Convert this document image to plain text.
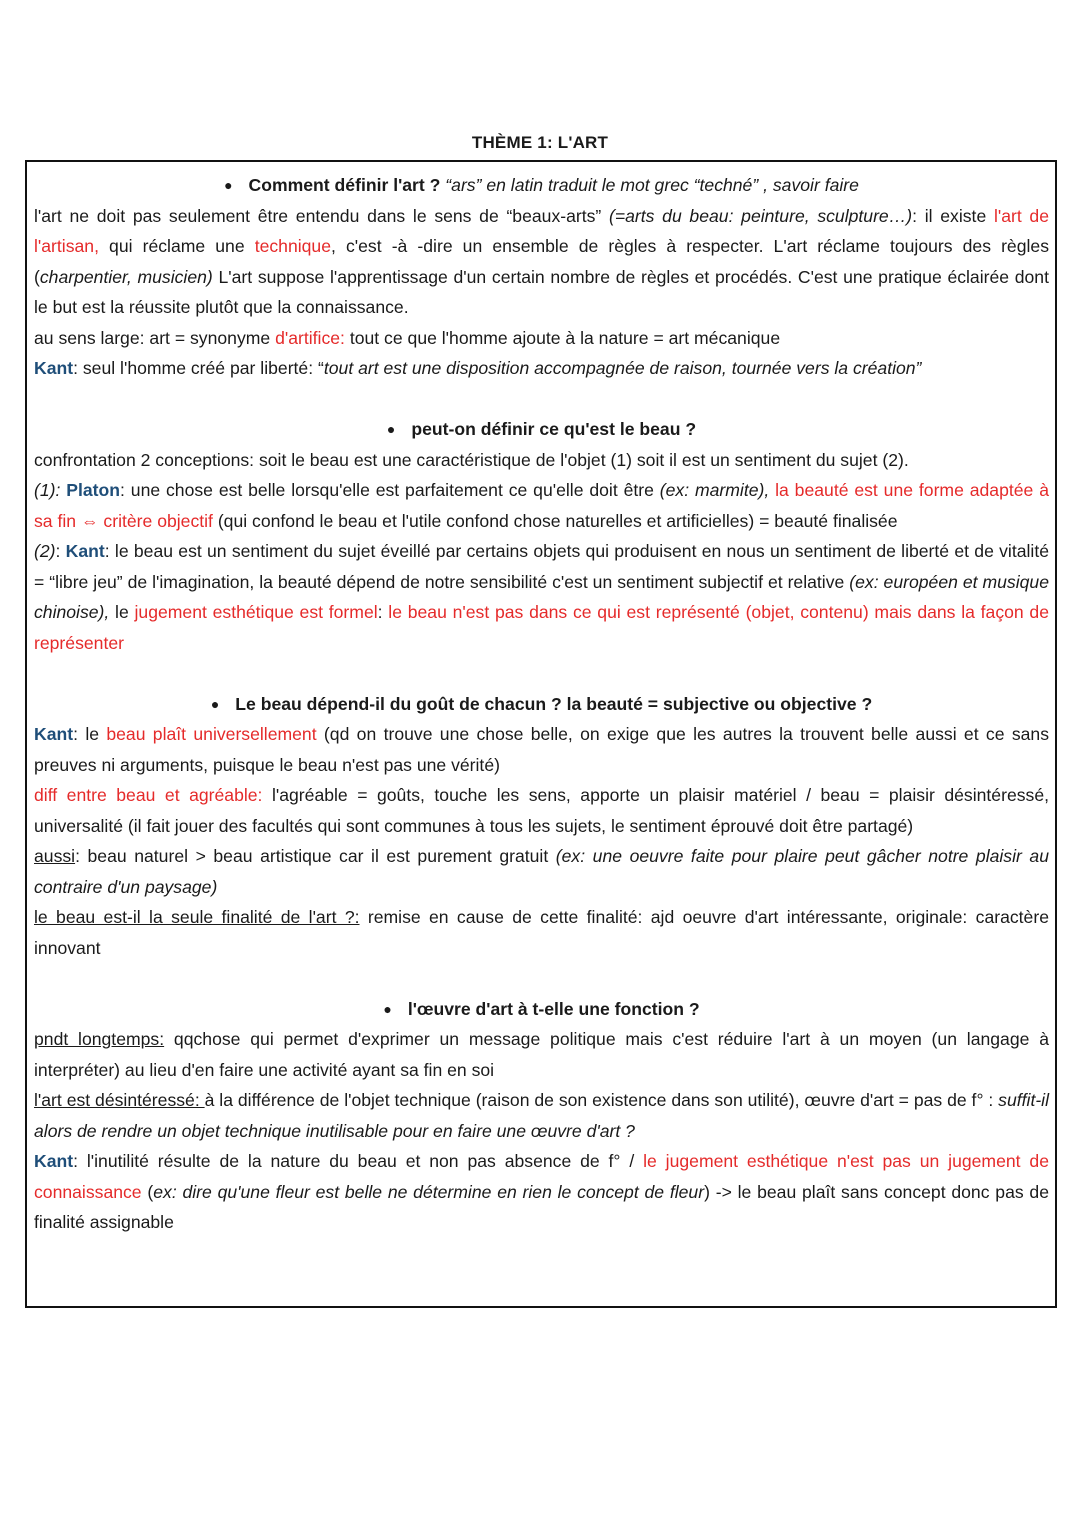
THÈME 1: L'ART
● Comment définir l'art ? “ars” en latin traduit le mot grec “techné” , savoir faire
l'art ne doit pas seulement être entendu dans le sens de “beaux-arts” (=arts du beau: peinture, sculpture…): il existe l'art de l'artisan, qui réclame une technique, c'est -à -dire un ensemble de règles à respecter. L'art réclame toujours des règles (charpentier, musicien) L'art suppose l'apprentissage d'un certain nombre de règles et procédés. C'est une pratique éclairée dont le but est la réussite plutôt que la connaissance.
au sens large: art = synonyme d'artifice: tout ce que l'homme ajoute à la nature = art mécanique
Kant: seul l'homme créé par liberté: “tout art est une disposition accompagnée de raison, tournée vers la création”
● peut-on définir ce qu'est le beau ?
confrontation 2 conceptions: soit le beau est une caractéristique de l'objet (1) soit il est un sentiment du sujet (2).
(1): Platon: une chose est belle lorsqu'elle est parfaitement ce qu'elle doit être (ex: marmite), la beauté est une forme adaptée à sa fin ⇔ critère objectif (qui confond le beau et l'utile confond chose naturelles et artificielles) = beauté finalisée
(2): Kant: le beau est un sentiment du sujet éveillé par certains objets qui produisent en nous un sentiment de liberté et de vitalité = “libre jeu” de l'imagination, la beauté dépend de notre sensibilité c'est un sentiment subjectif et relative (ex: européen et musique chinoise), le jugement esthétique est formel: le beau n'est pas dans ce qui est représenté (objet, contenu) mais dans la façon de représenter
● Le beau dépend-il du goût de chacun ? la beauté = subjective ou objective ?
Kant: le beau plaît universellement (qd on trouve une chose belle, on exige que les autres la trouvent belle aussi et ce sans preuves ni arguments, puisque le beau n'est pas une vérité)
diff entre beau et agréable: l'agréable = goûts, touche les sens, apporte un plaisir matériel / beau = plaisir désintéressé, universalité (il fait jouer des facultés qui sont communes à tous les sujets, le sentiment éprouvé doit être partagé)
aussi: beau naturel > beau artistique car il est purement gratuit (ex: une oeuvre faite pour plaire peut gâcher notre plaisir au contraire d'un paysage)
le beau est-il la seule finalité de l'art ?: remise en cause de cette finalité: ajd oeuvre d'art intéressante, originale: caractère innovant
● l'œuvre d'art à t-elle une fonction ?
pndt longtemps: qqchose qui permet d'exprimer un message politique mais c'est réduire l'art à un moyen (un langage à interpréter) au lieu d'en faire une activité ayant sa fin en soi
l'art est désintéressé: à la différence de l'objet technique (raison de son existence dans son utilité), œuvre d'art = pas de f° : suffit-il alors de rendre un objet technique inutilisable pour en faire une œuvre d'art ?
Kant: l'inutilité résulte de la nature du beau et non pas absence de f° / le jugement esthétique n'est pas un jugement de connaissance (ex: dire qu'une fleur est belle ne détermine en rien le concept de fleur) -> le beau plaît sans concept donc pas de finalité assignable
